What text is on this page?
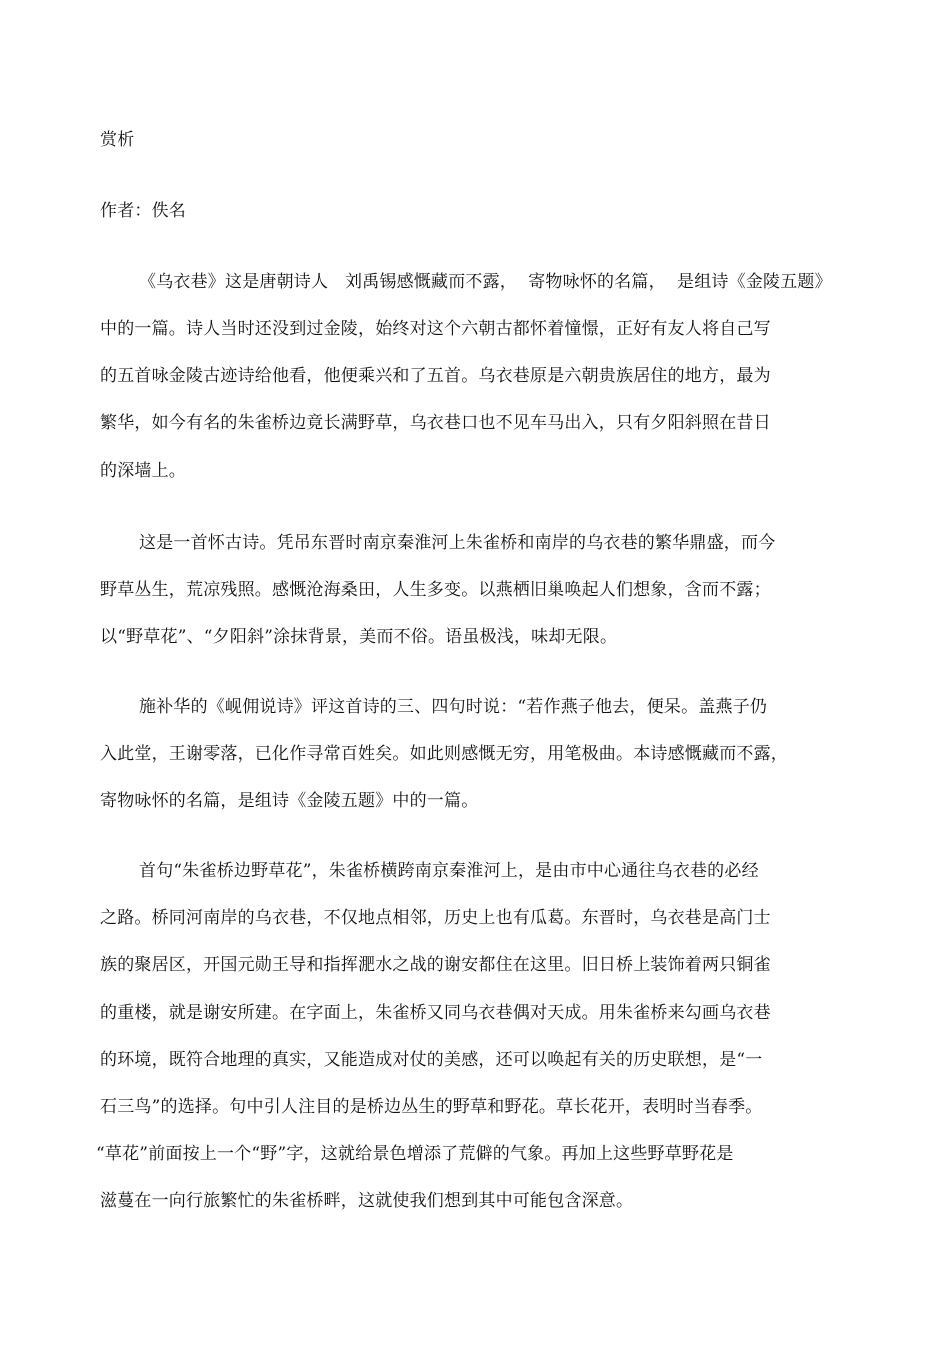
赏析
作者：佚名
《乌衣巷》这是唐朝诗人   刘禹锡感慨藏而不露，  寄物咏怀的名篇，  是组诗《金陵五题》
中的一篇。诗人当时还没到过金陵，始终对这个六朝古都怀着憧憬，正好有友人将自己写
的五首咏金陵古迹诗给他看，他便乘兴和了五首。乌衣巷原是六朝贵族居住的地方，最为
繁华，如今有名的朱雀桥边竟长满野草，乌衣巷口也不见车马出入，只有夕阳斜照在昔日
的深墙上。
这是一首怀古诗。凭吊东晋时南京秦淮河上朱雀桥和南岸的乌衣巷的繁华鼎盛，而今
野草丛生，荒凉残照。感慨沧海桑田，人生多变。以燕栖旧巢唤起人们想象，含而不露；
以“野草花”、“夕阳斜”涂抹背景，美而不俗。语虽极浅，味却无限。
施补华的《岘佣说诗》评这首诗的三、四句时说：“若作燕子他去，便呆。盖燕子仍
入此堂，王谢零落，已化作寻常百姓矣。如此则感慨无穷，用笔极曲。本诗感慨藏而不露，
寄物咏怀的名篇，是组诗《金陵五题》中的一篇。
首句“朱雀桥边野草花”，朱雀桥横跨南京秦淮河上，是由市中心通往乌衣巷的必经
之路。桥同河南岸的乌衣巷，不仅地点相邻，历史上也有瓜葛。东晋时，乌衣巷是高门士
族的聚居区，开国元勋王导和指挥淝水之战的谢安都住在这里。旧日桥上装饰着两只铜雀
的重楼，就是谢安所建。在字面上，朱雀桥又同乌衣巷偶对天成。用朱雀桥来勾画乌衣巷
的环境，既符合地理的真实，又能造成对仗的美感，还可以唤起有关的历史联想，是“一
石三鸟”的选择。句中引人注目的是桥边丛生的野草和野花。草长花开，表明时当春季。
“草花”前面按上一个“野”字，这就给景色增添了荒僻的气象。再加上这些野草野花是
滋蔓在一向行旅繁忙的朱雀桥畔，这就使我们想到其中可能包含深意。
